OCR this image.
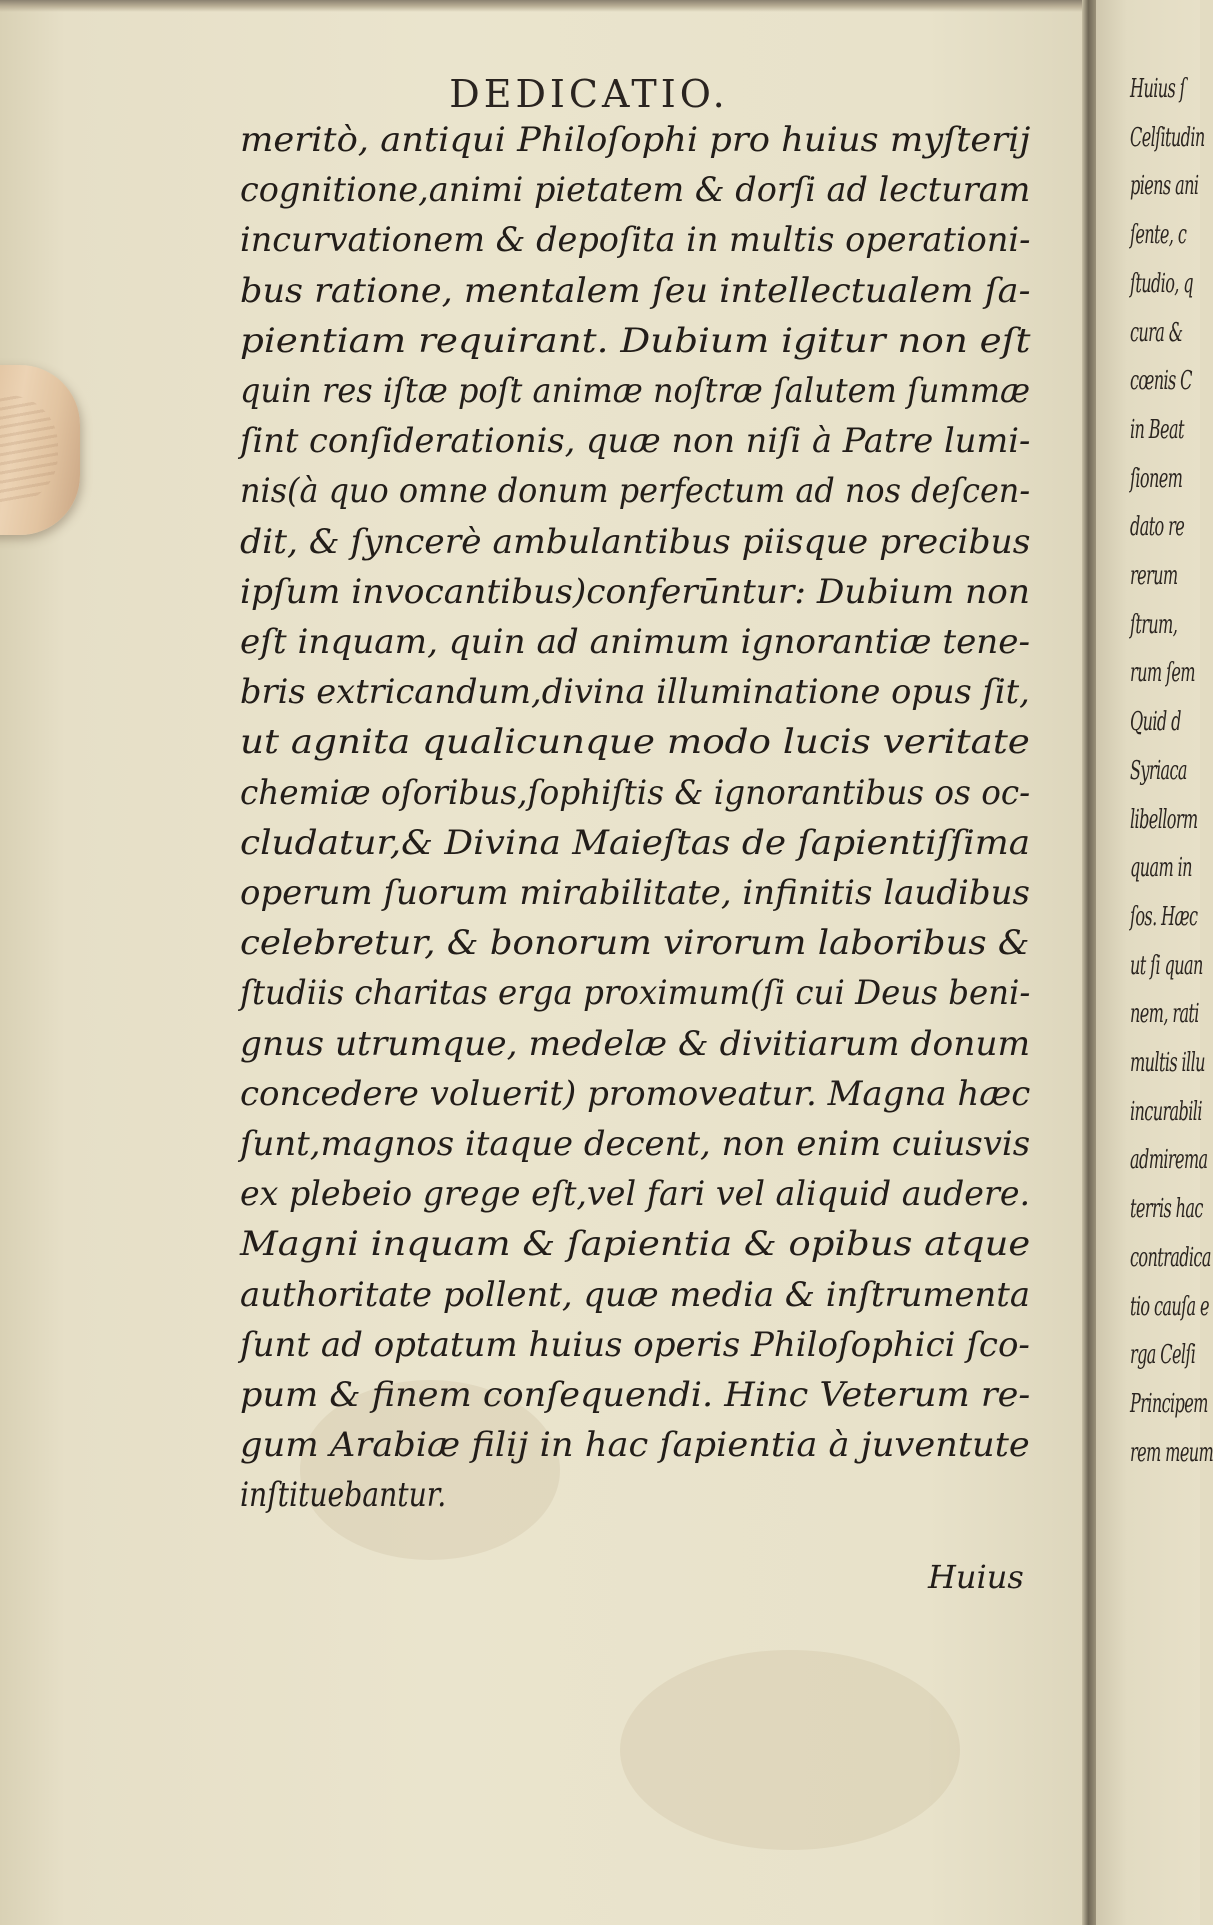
DEDICATIO.
meritò, antiqui Philoſophi pro huius myſterij
cognitione,animi pietatem & dorſi ad lecturam
incurvationem & depoſita in multis operationi-
bus ratione, mentalem ſeu intellectualem ſa-
pientiam requirant. Dubium igitur non eſt
quin res iſtæ poſt animæ noſtræ ſalutem ſummæ
ſint conſiderationis, quæ non niſi à Patre lumi-
nis(à quo omne donum perfectum ad nos deſcen-
dit, & ſyncerè ambulantibus piisque precibus
ipſum invocantibus)conferūntur: Dubium non
eſt inquam, quin ad animum ignorantiæ tene-
bris extricandum,divina illuminatione opus ſit,
ut agnita qualicunque modo lucis veritate
chemiæ oſoribus,ſophiſtis & ignorantibus os oc-
cludatur,& Divina Maieſtas de ſapientiſſima
operum ſuorum mirabilitate, infinitis laudibus
celebretur, & bonorum virorum laboribus &
ſtudiis charitas erga proximum(ſi cui Deus beni-
gnus utrumque, medelæ & divitiarum donum
concedere voluerit) promoveatur. Magna hæc
ſunt,magnos itaque decent, non enim cuiusvis
ex plebeio grege eſt,vel fari vel aliquid audere.
Magni inquam & ſapientia & opibus atque
authoritate pollent, quæ media & inſtrumenta
ſunt ad optatum huius operis Philoſophici ſco-
pum & finem conſequendi. Hinc Veterum re-
gum Arabiæ filij in hac ſapientia à juventute
inſtituebantur.
Huius
Huius ſ
Celſitudin
piens ani
ſente, c
ſtudio, q
cura &
cœnis C
in Beat
ſionem
dato re
rerum
ſtrum,
rum ſem
Quid d
Syriaca
libellorm
quam in
ſos. Hæc
ut ſi quan
nem, rati
multis illu
incurabili
admirema
terris hac
contradica
tio cauſa e
rga Celſi
Principem
rem meum
